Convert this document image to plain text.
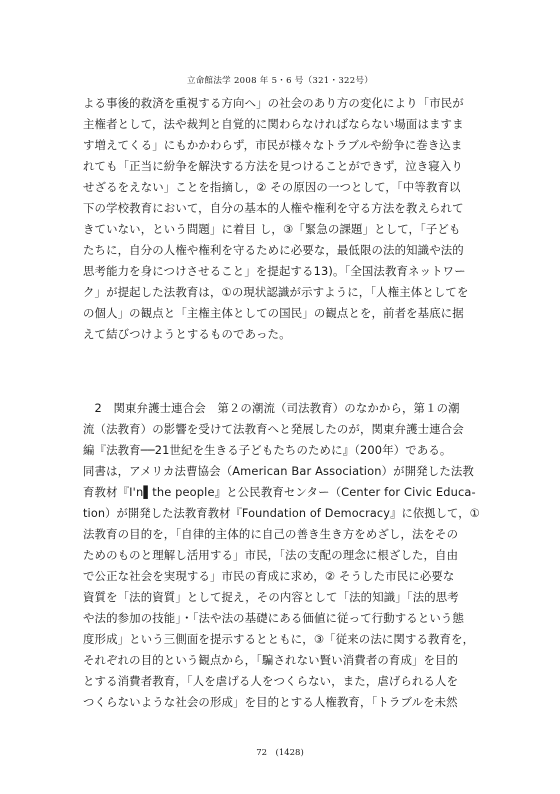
立命館法学 2008 年 5・6 号（321・322号）
よる事後的救済を重視する方向へ」の社会のあり方の変化により「市民が
主権者として，法や裁判と自覚的に関わらなければならない場面はますま
す増えてくる」にもかかわらず，市民が様々なトラブルや紛争に巻き込ま
れても「正当に紛争を解決する方法を見つけることができず，泣き寝入り
せざるをえない」ことを指摘し，② その原因の一つとして，「中等教育以
下の学校教育において，自分の基本的人権や権利を守る方法を教えられて
きていない，という問題」に着目 し，③「緊急の課題」として，「子ども
たちに，自分の人権や権利を守るために必要な，最低限の法的知識や法的
思考能力を身につけさせること」を提起する13)。「全国法教育ネットワー
ク」が提起した法教育は，①の現状認識が示すように，「人権主体としてを
の個人」の観点と「主権主体としての国民」の観点とを，前者を基底に据
えて結びつけようとするものであった。
　2　関東弁護士連合会　第２の潮流（司法教育）のなかから，第１の潮
流（法教育）の影響を受けて法教育へと発展したのが，関東弁護士連合会
編『法教育──21世紀を生きる子どもたちのために』（200年）である。
同書は，アメリカ法曹協会（American Bar Association）が開発した法教
育教材『I'n▌the people』と公民教育センター（Center for Civic Educa-
tion）が開発した法教育教材『Foundation of Democracy』に依拠して，①
法教育の目的を，「自律的主体的に自己の善き生き方をめざし，法をその
ためのものと理解し活用する」市民，「法の支配の理念に根ざした，自由
で公正な社会を実現する」市民の育成に求め，② そうした市民に必要な
資質を「法的資質」として捉え，その内容として「法的知識」「法的思考
や法的参加の技能」・「法や法の基礎にある価値に従って行動するという態
度形成」という三側面を提示するとともに，③「従来の法に関する教育を，
それぞれの目的という観点から，「騙されない賢い消費者の育成」を目的
とする消費者教育，「人を虐げる人をつくらない，また，虐げられる人を
つくらないような社会の形成」を目的とする人権教育，「トラブルを未然
72　(1428)
